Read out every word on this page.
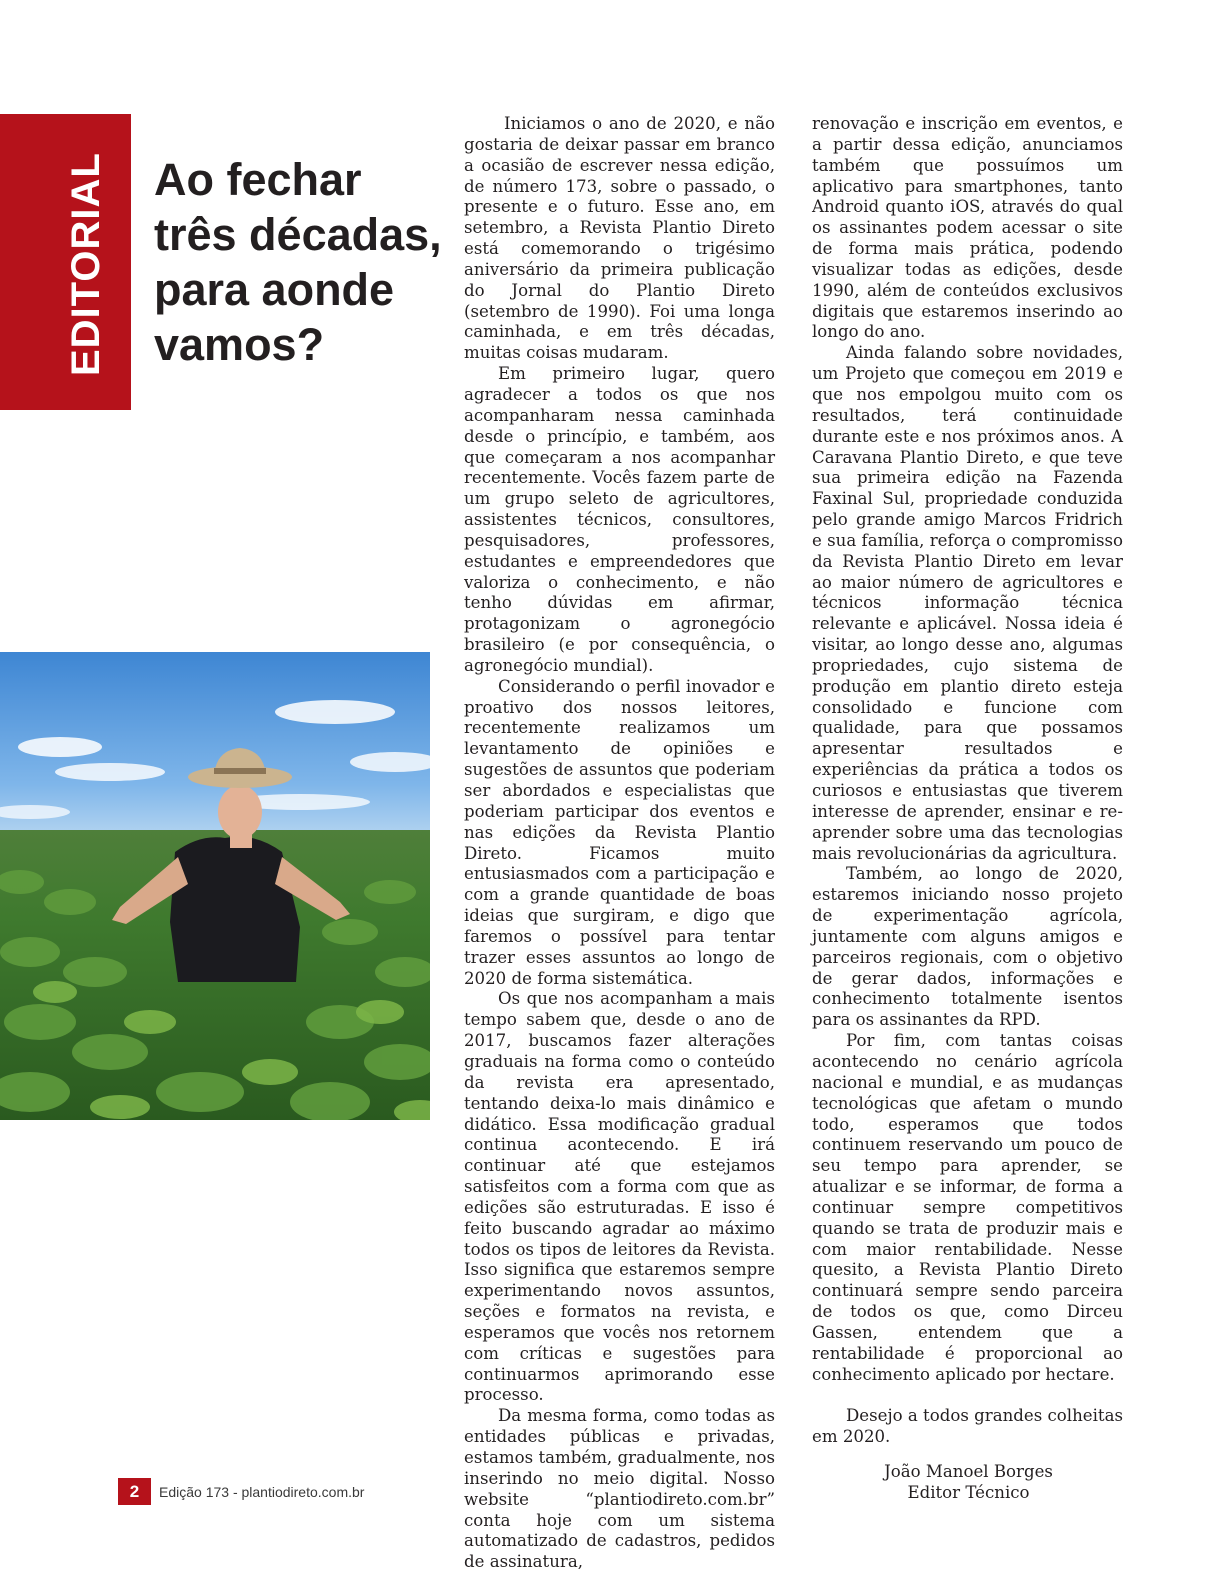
EDITORIAL Ao fechar
três décadas,
para aonde
vamos?

Iniciamos o ano de 2020, e não gostaria de deixar passar em branco a ocasião de escrever nessa edição, de número 173, sobre o passado, o presente e o futuro. Esse ano, em setembro, a Revista Plantio Direto está comemorando o trigésimo aniversário da primeira publicação do Jornal do Plantio Direto (setembro de 1990). Foi uma longa caminhada, e em três décadas, muitas coisas mudaram.

Em primeiro lugar, quero agradecer a todos os que nos acompanharam nessa caminhada desde o princípio, e também, aos que começaram a nos acompanhar recentemente. Vocês fazem parte de um grupo seleto de agricultores, assistentes técnicos, consultores, pesquisadores, professores, estudantes e empreendedores que valoriza o conhecimento, e não tenho dúvidas em afirmar, protagonizam o agronegócio brasileiro (e por consequência, o agronegócio mundial).

Considerando o perfil inovador e proativo dos nossos leitores, recentemente realizamos um levantamento de opiniões e sugestões de assuntos que poderiam ser abordados e especialistas que poderiam participar dos eventos e nas edições da Revista Plantio Direto. Ficamos muito entusiasmados com a participação e com a grande quantidade de boas ideias que surgiram, e digo que faremos o possível para tentar trazer esses assuntos ao longo de 2020 de forma sistemática.

Os que nos acompanham a mais tempo sabem que, desde o ano de 2017, buscamos fazer alterações graduais na forma como o conteúdo da revista era apresentado, tentando deixa-lo mais dinâmico e didático. Essa modificação gradual continua acontecendo. E irá continuar até que estejamos satisfeitos com a forma com que as edições são estruturadas. E isso é feito buscando agradar ao máximo todos os tipos de leitores da Revista. Isso significa que estaremos sempre experimentando novos assuntos, seções e formatos na revista, e esperamos que vocês nos retornem com críticas e sugestões para continuarmos aprimorando esse processo.

Da mesma forma, como todas as entidades públicas e privadas, estamos também, gradualmente, nos inserindo no meio digital. Nosso website “plantiodireto.com.br” conta hoje com um sistema automatizado de cadastros, pedidos de assinatura,

renovação e inscrição em eventos, e a partir dessa edição, anunciamos também que possuímos um aplicativo para smartphones, tanto Android quanto iOS, através do qual os assinantes podem acessar o site de forma mais prática, podendo visualizar todas as edições, desde 1990, além de conteúdos exclusivos digitais que estaremos inserindo ao longo do ano.

Ainda falando sobre novidades, um Projeto que começou em 2019 e que nos empolgou muito com os resultados, terá continuidade durante este e nos próximos anos. A Caravana Plantio Direto, e que teve sua primeira edição na Fazenda Faxinal Sul, propriedade conduzida pelo grande amigo Marcos Fridrich e sua família, reforça o compromisso da Revista Plantio Direto em levar ao maior número de agricultores e técnicos informação técnica relevante e aplicável. Nossa ideia é visitar, ao longo desse ano, algumas propriedades, cujo sistema de produção em plantio direto esteja consolidado e funcione com qualidade, para que possamos apresentar resultados e experiências da prática a todos os curiosos e entusiastas que tiverem interesse de aprender, ensinar e re-aprender sobre uma das tecnologias mais revolucionárias da agricultura.

Também, ao longo de 2020, estaremos iniciando nosso projeto de experimentação agrícola, juntamente com alguns amigos e parceiros regionais, com o objetivo de gerar dados, informações e conhecimento totalmente isentos para os assinantes da RPD.

Por fim, com tantas coisas acontecendo no cenário agrícola nacional e mundial, e as mudanças tecnológicas que afetam o mundo todo, esperamos que todos continuem reservando um pouco de seu tempo para aprender, se atualizar e se informar, de forma a continuar sempre competitivos quando se trata de produzir mais e com maior rentabilidade. Nesse quesito, a Revista Plantio Direto continuará sempre sendo parceira de todos os que, como Dirceu Gassen, entendem que a rentabilidade é proporcional ao conhecimento aplicado por hectare.

Desejo a todos grandes colheitas em 2020.

João Manoel Borges
Editor Técnico
2	Edição 173 - plantiodireto.com.br
